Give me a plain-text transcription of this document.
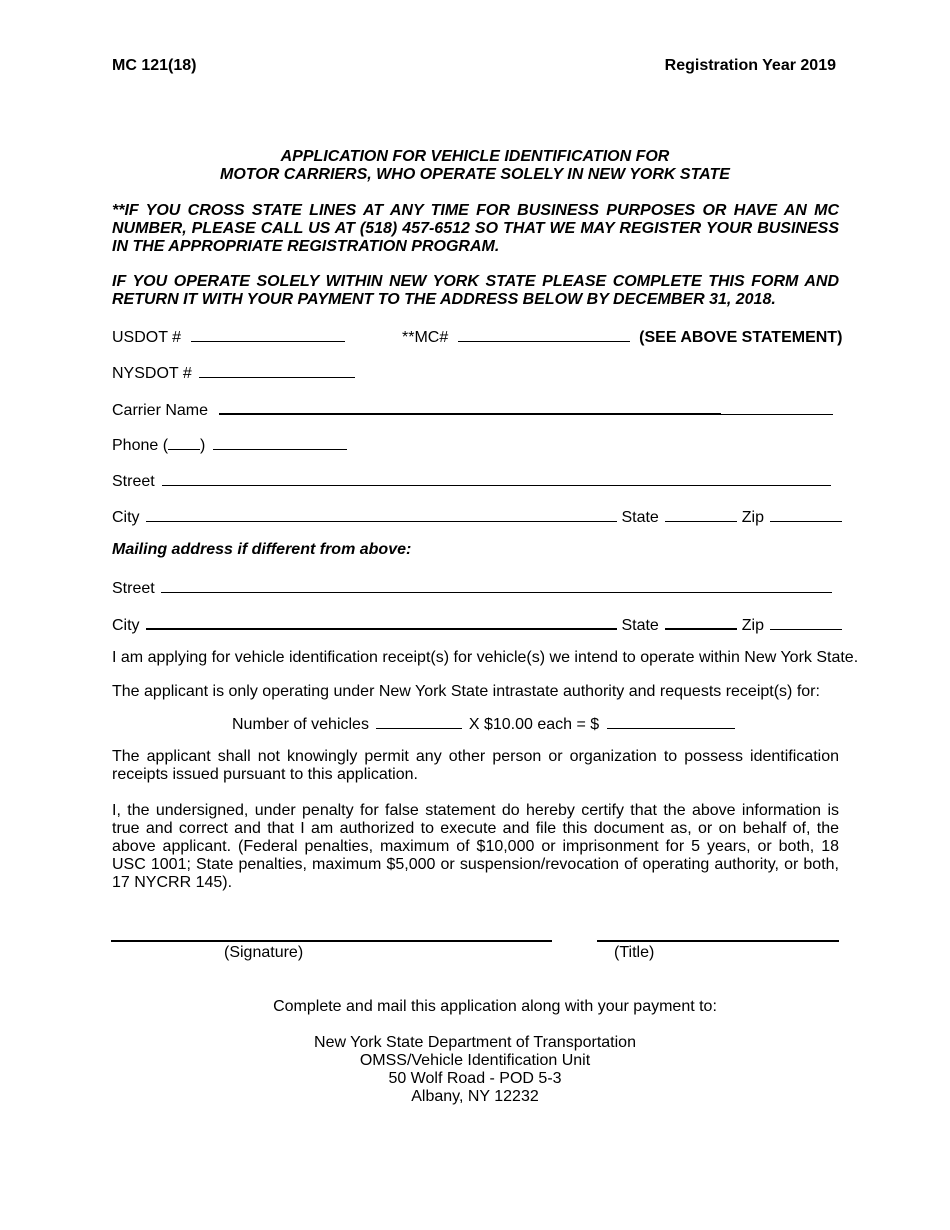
MC 121(18)	Registration Year 2019
APPLICATION FOR VEHICLE IDENTIFICATION FOR
MOTOR CARRIERS, WHO OPERATE SOLELY IN NEW YORK STATE
**IF YOU CROSS STATE LINES AT ANY TIME FOR BUSINESS PURPOSES OR HAVE AN MC NUMBER, PLEASE CALL US AT (518) 457-6512 SO THAT WE MAY REGISTER YOUR BUSINESS IN THE APPROPRIATE REGISTRATION PROGRAM.
IF YOU OPERATE SOLELY WITHIN NEW YORK STATE PLEASE COMPLETE THIS FORM AND RETURN IT WITH YOUR PAYMENT TO THE ADDRESS BELOW BY DECEMBER 31, 2018.
USDOT #	**MC#	(SEE ABOVE STATEMENT)
NYSDOT #
Carrier Name
Phone ( )
Street
City	State	Zip
Mailing address if different from above:
Street
City	State	Zip
I am applying for vehicle identification receipt(s) for vehicle(s) we intend to operate within New York State.
The applicant is only operating under New York State intrastate authority and requests receipt(s) for:
Number of vehicles	X $10.00 each = $
The applicant shall not knowingly permit any other person or organization to possess identification receipts issued pursuant to this application.
I, the undersigned, under penalty for false statement do hereby certify that the above information is true and correct and that I am authorized to execute and file this document as, or on behalf of, the above applicant. (Federal penalties, maximum of $10,000 or imprisonment for 5 years, or both, 18 USC 1001; State penalties, maximum $5,000 or suspension/revocation of operating authority, or both, 17 NYCRR 145).
(Signature)	(Title)
Complete and mail this application along with your payment to:
New York State Department of Transportation
OMSS/Vehicle Identification Unit
50 Wolf Road - POD 5-3
Albany, NY 12232
